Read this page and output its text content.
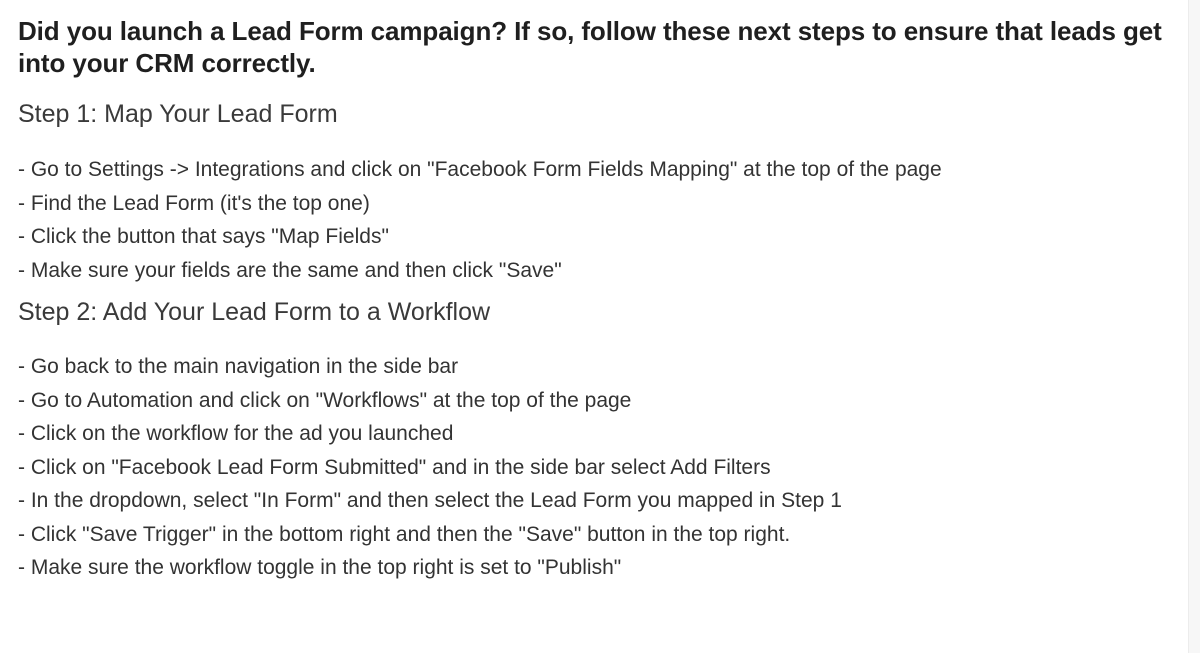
Did you launch a Lead Form campaign? If so, follow these next steps to ensure that leads get into your CRM correctly.

Step 1: Map Your Lead Form
- Go to Settings -> Integrations and click on "Facebook Form Fields Mapping" at the top of the page
- Find the Lead Form (it's the top one)
- Click the button that says "Map Fields"
- Make sure your fields are the same and then click "Save"
Step 2: Add Your Lead Form to a Workflow
- Go back to the main navigation in the side bar
- Go to Automation and click on "Workflows" at the top of the page
- Click on the workflow for the ad you launched
- Click on "Facebook Lead Form Submitted" and in the side bar select Add Filters
- In the dropdown, select "In Form" and then select the Lead Form you mapped in Step 1
- Click "Save Trigger" in the bottom right and then the "Save" button in the top right.
- Make sure the workflow toggle in the top right is set to "Publish"
